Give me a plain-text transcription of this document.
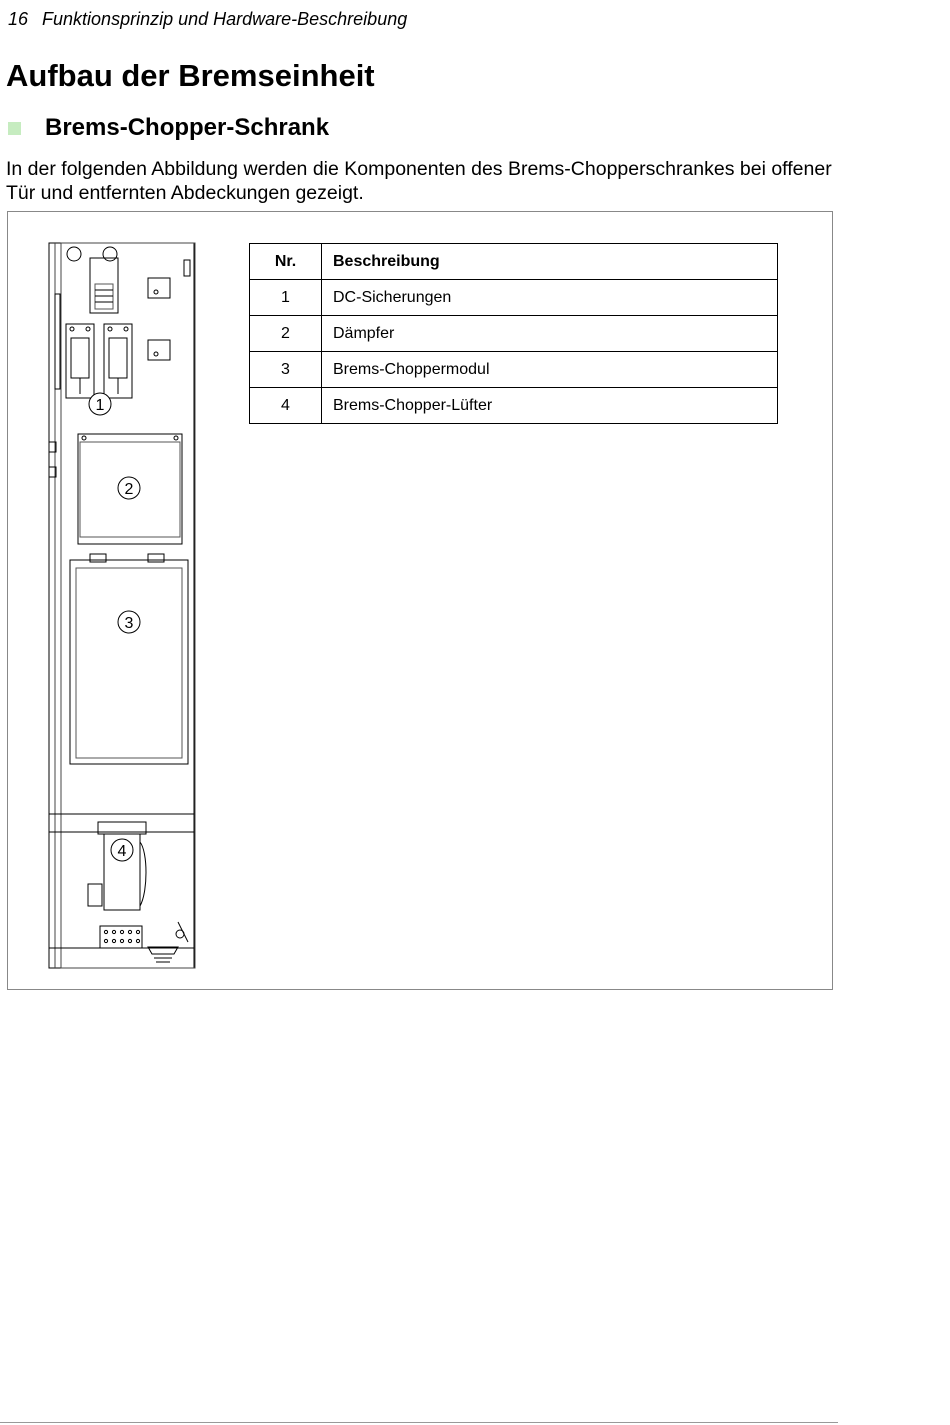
16 Funktionsprinzip und Hardware-Beschreibung
Aufbau der Bremseinheit
Brems-Chopper-Schrank

In der folgenden Abbildung werden die Komponenten des Brems-Chopperschrankes bei offener Tür und entfernten Abdeckungen gezeigt.

1
2
3
4
Nr.	Beschreibung
1	DC-Sicherungen
2	Dämpfer
3	Brems-Choppermodul
4	Brems-Chopper-Lüfter
